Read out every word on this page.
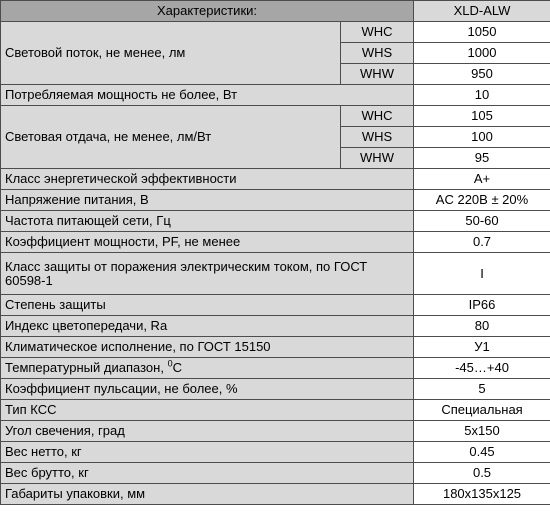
Характеристики:		XLD-ALW
Световой поток, не менее, лм	WHC	1050
	WHS	1000
	WHW	950
Потребляемая мощность не более, Вт		10
Световая отдача, не менее, лм/Вт	WHC	105
	WHS	100
	WHW	95
Класс энергетической эффективности		A+
Напряжение питания, В		AC 220В ± 20%
Частота питающей сети, Гц		50-60
Коэффициент мощности, PF, не менее		0.7
Класс защиты от поражения электрическим током, по ГОСТ 60598-1		I
Степень защиты		IP66
Индекс цветопередачи, Ra		80
Климатическое исполнение, по ГОСТ 15150		У1
Температурный диапазон, $^0$С		-45…+40
Коэффициент пульсации, не более, %		5
Тип КСС		Специальная
Угол свечения, град		5x150
Вес нетто, кг		0.45
Вес брутто, кг		0.5
Габариты упаковки, мм		180x135x125
